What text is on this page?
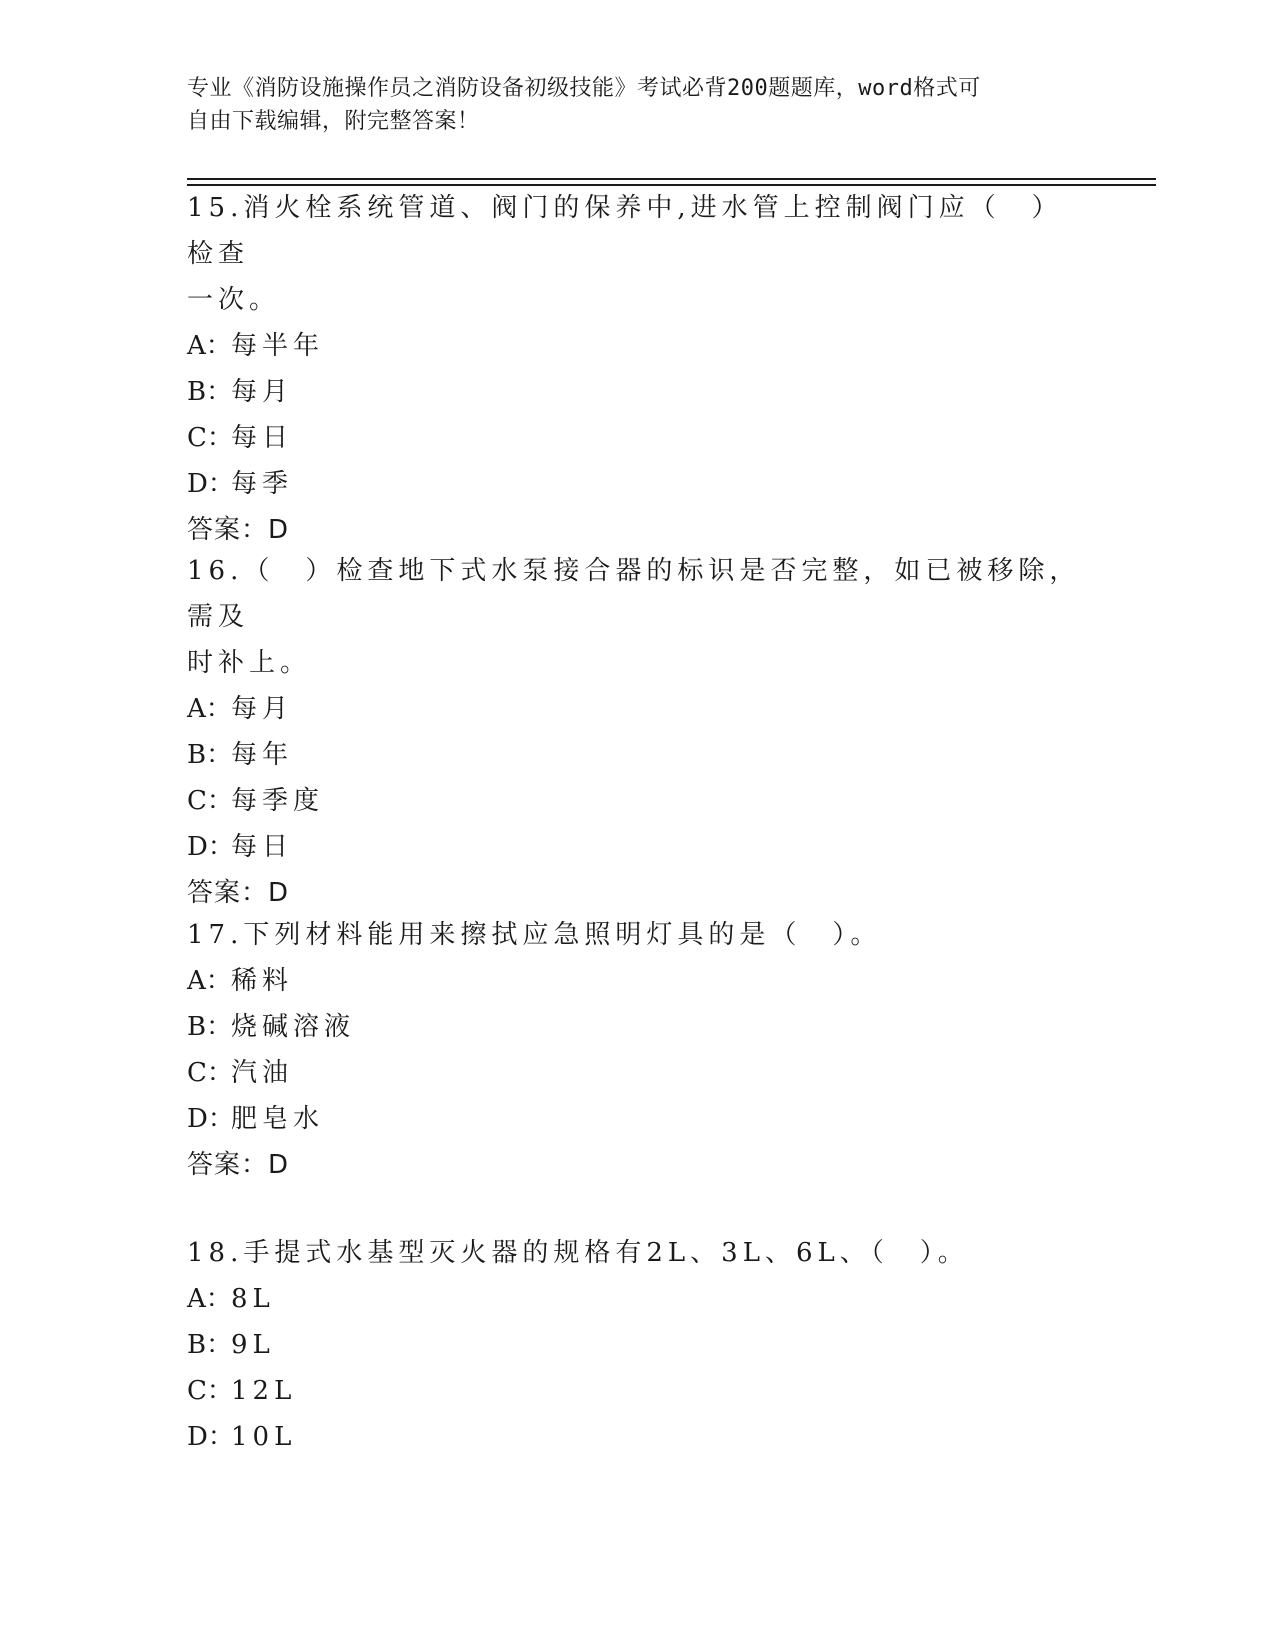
专业《消防设施操作员之消防设备初级技能》考试必背200题题库，word格式可
自由下载编辑，附完整答案！
15.消火栓系统管道、阀门的保养中,进水管上控制阀门应（　）检查
一次。
A：每半年
B：每月
C：每日
D：每季
答案：D
16.（　）检查地下式水泵接合器的标识是否完整，如已被移除，需及
时补上。
A：每月
B：每年
C：每季度
D：每日
答案：D
17.下列材料能用来擦拭应急照明灯具的是（　）。
A：稀料
B：烧碱溶液
C：汽油
D：肥皂水
答案：D
18.手提式水基型灭火器的规格有2L、3L、6L、（　）。
A：8L
B：9L
C：12L
D：10L
